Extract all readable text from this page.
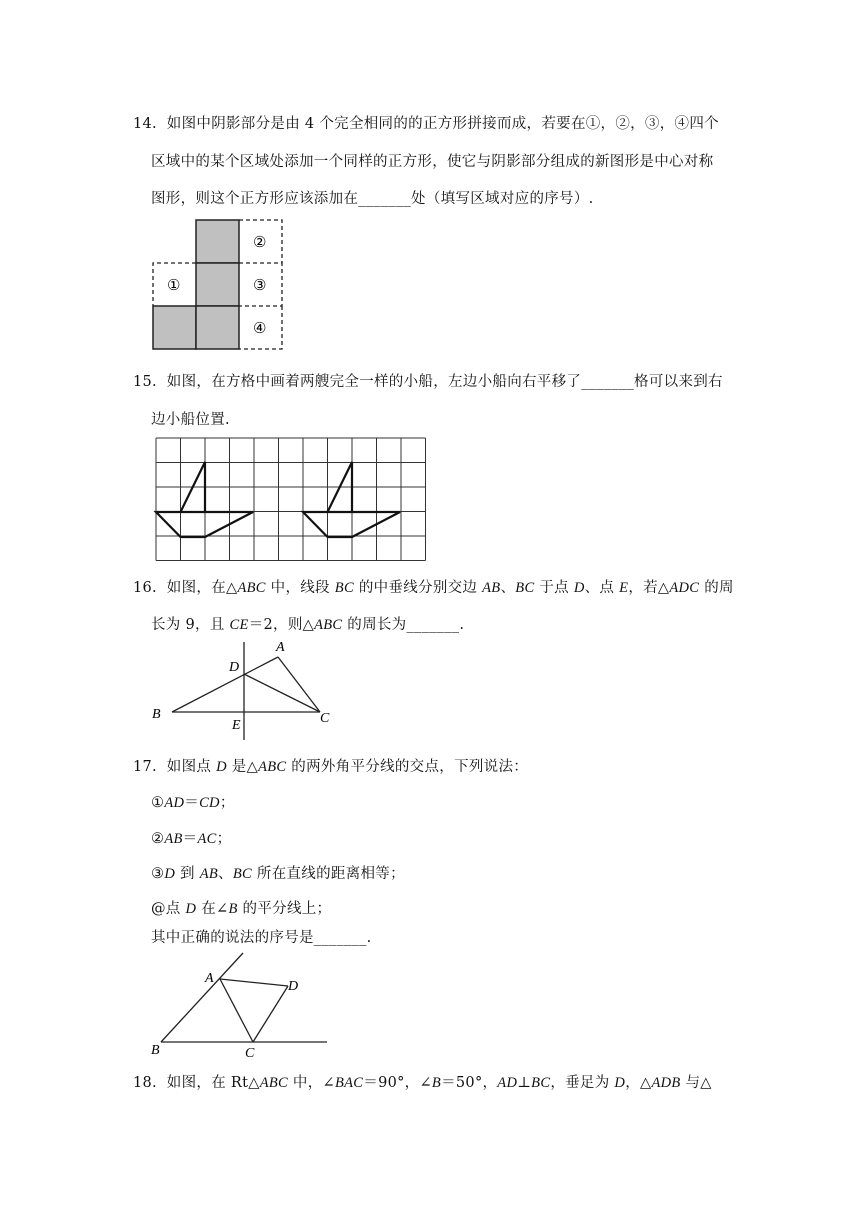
14. 如图中阴影部分是由 4 个完全相同的的正方形拼接而成，若要在①，②，③，④四个
区域中的某个区域处添加一个同样的正方形，使它与阴影部分组成的新图形是中心对称
图形，则这个正方形应该添加在_______处（填写区域对应的序号）.
①
②
③
④
15. 如图，在方格中画着两艘完全一样的小船，左边小船向右平移了_______格可以来到右
边小船位置.
16. 如图，在△ABC 中，线段 BC 的中垂线分别交边 AB、BC 于点 D、点 E，若△ADC 的周
长为 9，且 CE＝2，则△ABC 的周长为_______.
A
B	C
D
E
17. 如图点 D 是△ABC 的两外角平分线的交点，下列说法：
①AD＝CD；
②AB＝AC；
③D 到 AB、BC 所在直线的距离相等；
@点 D 在∠B 的平分线上；
其中正确的说法的序号是_______.
A
B	C
D
18. 如图，在 Rt△ABC 中，∠BAC＝90°，∠B＝50°，AD⊥BC，垂足为 D，△ADB 与△
